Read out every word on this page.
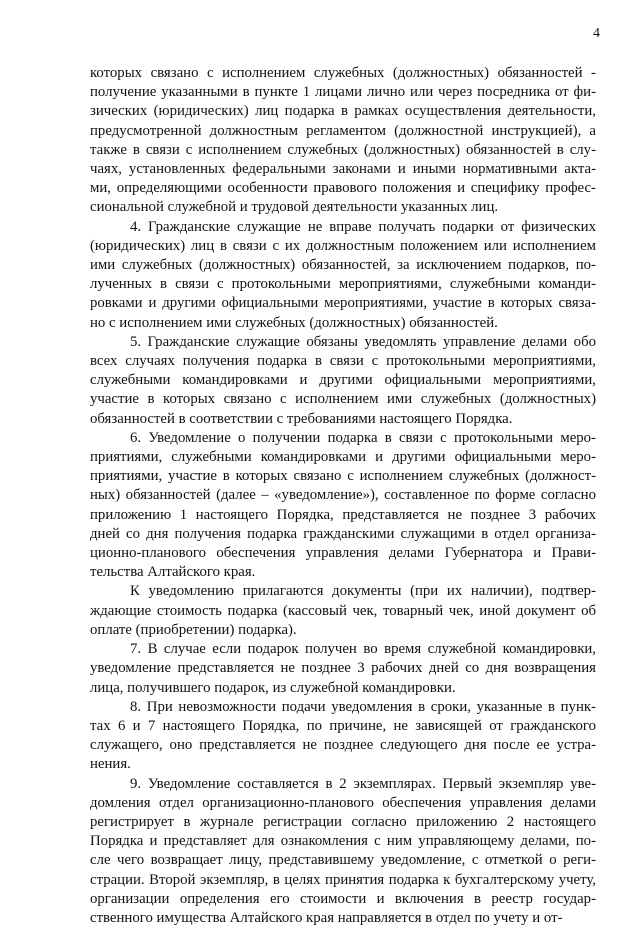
4
которых связано с исполнением служебных (должностных) обязанностей -
получение указанными в пункте 1 лицами лично или через посредника от фи-
зических (юридических) лиц подарка в рамках осуществления деятельности,
предусмотренной должностным регламентом (должностной инструкцией), а
также в связи с исполнением служебных (должностных) обязанностей в слу-
чаях, установленных федеральными законами и иными нормативными акта-
ми, определяющими особенности правового положения и специфику профес-
сиональной служебной и трудовой деятельности указанных лиц.
4. Гражданские служащие не вправе получать подарки от физических
(юридических) лиц в связи с их должностным положением или исполнением
ими служебных (должностных) обязанностей, за исключением подарков, по-
лученных в связи с протокольными мероприятиями, служебными команди-
ровками и другими официальными мероприятиями, участие в которых связа-
но с исполнением ими служебных (должностных) обязанностей.
5. Гражданские служащие обязаны уведомлять управление делами обо
всех случаях получения подарка в связи с протокольными мероприятиями,
служебными командировками и другими официальными мероприятиями,
участие в которых связано с исполнением ими служебных (должностных)
обязанностей в соответствии с требованиями настоящего Порядка.
6. Уведомление о получении подарка в связи с протокольными меро-
приятиями, служебными командировками и другими официальными меро-
приятиями, участие в которых связано с исполнением служебных (должност-
ных) обязанностей (далее – «уведомление»), составленное по форме согласно
приложению 1 настоящего Порядка, представляется не позднее 3 рабочих
дней со дня получения подарка гражданскими служащими в отдел организа-
ционно-планового обеспечения управления делами Губернатора и Прави-
тельства Алтайского края.
К уведомлению прилагаются документы (при их наличии), подтвер-
ждающие стоимость подарка (кассовый чек, товарный чек, иной документ об
оплате (приобретении) подарка).
7. В случае если подарок получен во время служебной командировки,
уведомление представляется не позднее 3 рабочих дней со дня возвращения
лица, получившего подарок, из служебной командировки.
8. При невозможности подачи уведомления в сроки, указанные в пунк-
тах 6 и 7 настоящего Порядка, по причине, не зависящей от гражданского
служащего, оно представляется не позднее следующего дня после ее устра-
нения.
9. Уведомление составляется в 2 экземплярах. Первый экземпляр уве-
домления отдел организационно-планового обеспечения управления делами
регистрирует в журнале регистрации согласно приложению 2 настоящего
Порядка и представляет для ознакомления с ним управляющему делами, по-
сле чего возвращает лицу, представившему уведомление, с отметкой о реги-
страции. Второй экземпляр, в целях принятия подарка к бухгалтерскому учету,
организации определения его стоимости и включения в реестр государ-
ственного имущества Алтайского края направляется в отдел по учету и от-
